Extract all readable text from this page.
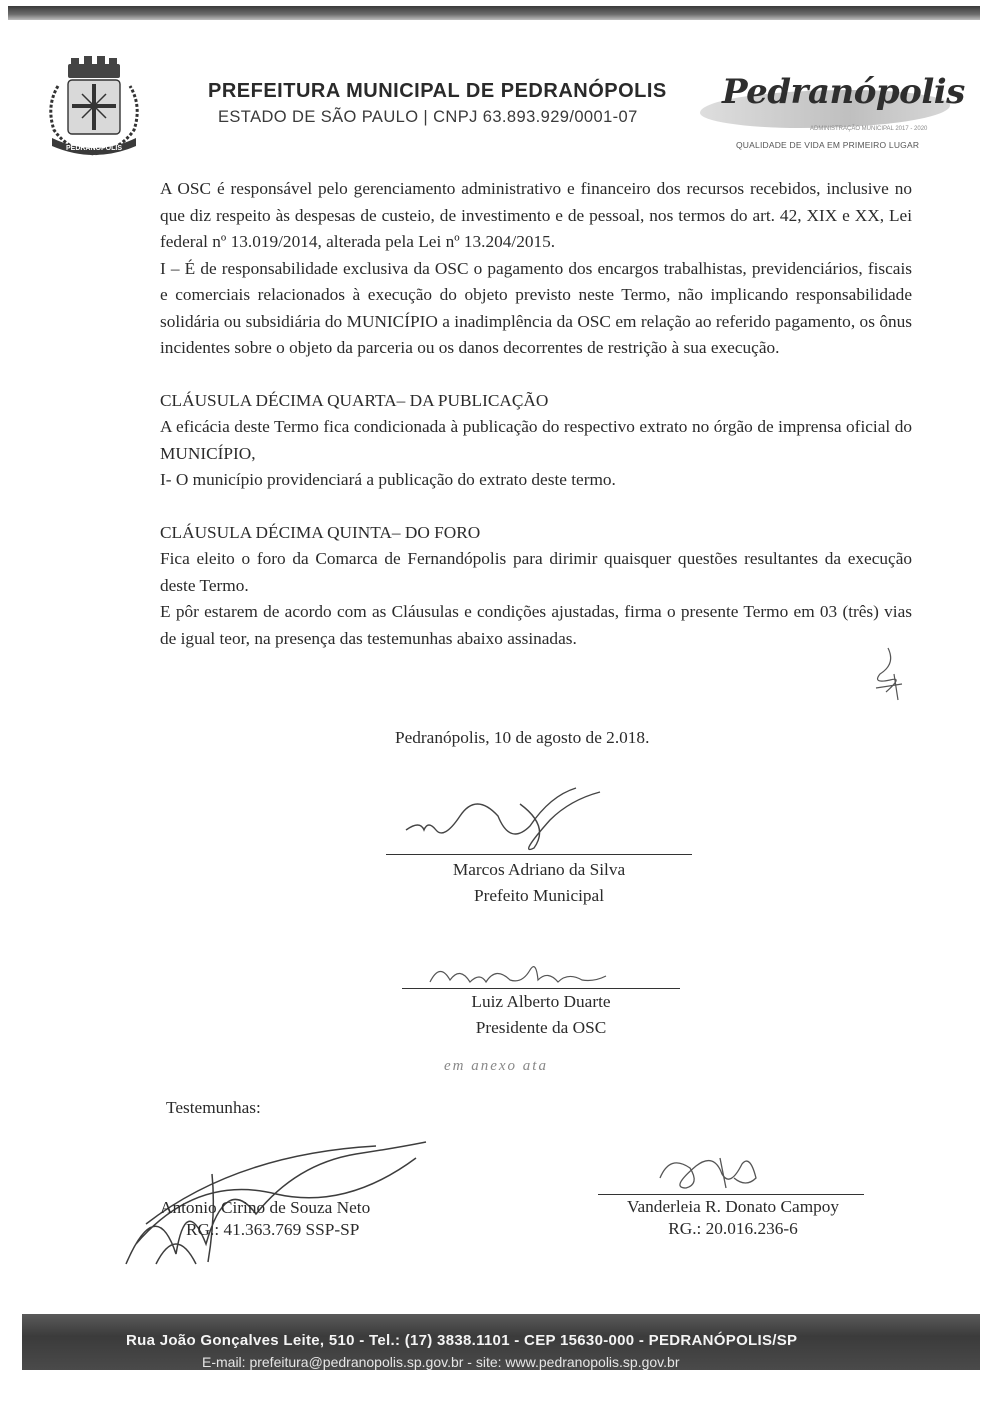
PEDRANÓPOLIS
PREFEITURA MUNICIPAL DE PEDRANÓPOLIS
ESTADO DE SÃO PAULO | CNPJ 63.893.929/0001-07
Pedranópolis
ADMINISTRAÇÃO MUNICIPAL 2017 - 2020
QUALIDADE DE VIDA EM PRIMEIRO LUGAR

A OSC é responsável pelo gerenciamento administrativo e financeiro dos recursos recebidos, inclusive no que diz respeito às despesas de custeio, de investimento e de pessoal, nos termos do art. 42, XIX e XX, Lei federal nº 13.019/2014, alterada pela Lei nº 13.204/2015.

I – É de responsabilidade exclusiva da OSC o pagamento dos encargos trabalhistas, previdenciários, fiscais e comerciais relacionados à execução do objeto previsto neste Termo, não implicando responsabilidade solidária ou subsidiária do MUNICÍPIO a inadimplência da OSC em relação ao referido pagamento, os ônus incidentes sobre o objeto da parceria ou os danos decorrentes de restrição à sua execução.

CLÁUSULA DÉCIMA QUARTA– DA PUBLICAÇÃO

A eficácia deste Termo fica condicionada à publicação do respectivo extrato no órgão de imprensa oficial do MUNICÍPIO,

I- O município providenciará a publicação do extrato deste termo.

CLÁUSULA DÉCIMA QUINTA– DO FORO

Fica eleito o foro da Comarca de Fernandópolis para dirimir quaisquer questões resultantes da execução deste Termo.

E pôr estarem de acordo com as Cláusulas e condições ajustadas, firma o presente Termo em 03 (três) vias de igual teor, na presença das testemunhas abaixo assinadas.

Pedranópolis, 10 de agosto de 2.018.
Marcos Adriano da Silva
Prefeito Municipal
Luiz Alberto Duarte
Presidente da OSC
em anexo ata
Testemunhas:
Antonio Cirino de Souza Neto
RG.: 41.363.769 SSP-SP
Vanderleia R. Donato Campoy
RG.: 20.016.236-6
Rua João Gonçalves Leite, 510 - Tel.: (17) 3838.1101 - CEP 15630-000 - PEDRANÓPOLIS/SP
E-mail: prefeitura@pedranopolis.sp.gov.br - site: www.pedranopolis.sp.gov.br
